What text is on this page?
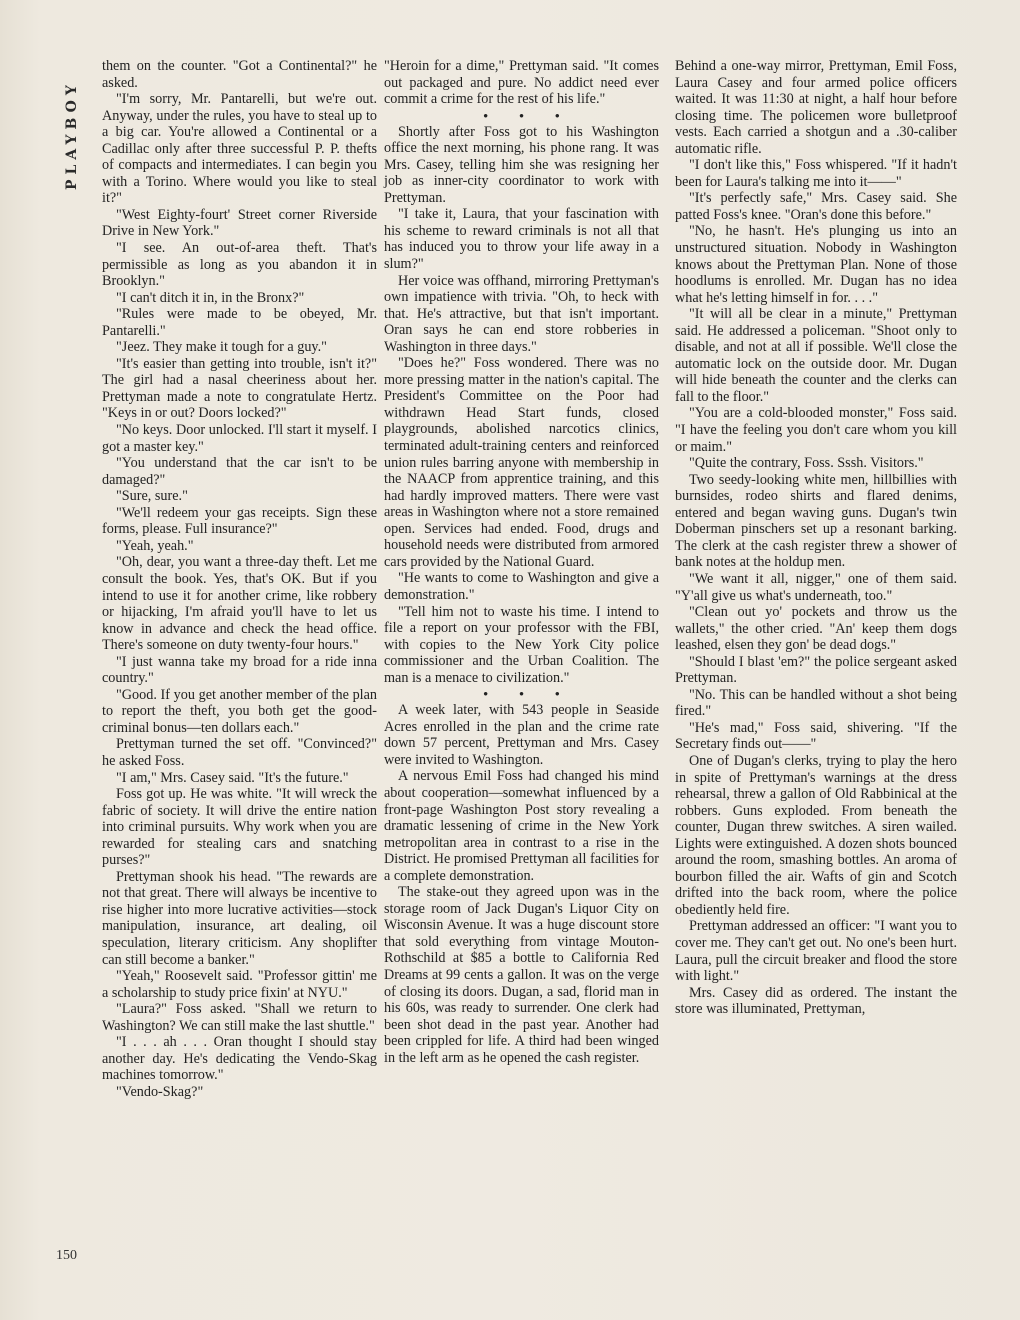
PLAYBOY

them on the counter. "Got a Continental?" he asked.

"I'm sorry, Mr. Pantarelli, but we're out. Anyway, under the rules, you have to steal up to a big car. You're allowed a Continental or a Cadillac only after three successful P. P. thefts of compacts and intermediates. I can begin you with a Torino. Where would you like to steal it?"

"West Eighty-fourt' Street corner Riverside Drive in New York."

"I see. An out-of-area theft. That's permissible as long as you abandon it in Brooklyn."

"I can't ditch it in, in the Bronx?"

"Rules were made to be obeyed, Mr. Pantarelli."

"Jeez. They make it tough for a guy."

"It's easier than getting into trouble, isn't it?" The girl had a nasal cheeriness about her. Prettyman made a note to congratulate Hertz. "Keys in or out? Doors locked?"

"No keys. Door unlocked. I'll start it myself. I got a master key."

"You understand that the car isn't to be damaged?"

"Sure, sure."

"We'll redeem your gas receipts. Sign these forms, please. Full insurance?"

"Yeah, yeah."

"Oh, dear, you want a three-day theft. Let me consult the book. Yes, that's OK. But if you intend to use it for another crime, like robbery or hijacking, I'm afraid you'll have to let us know in advance and check the head office. There's someone on duty twenty-four hours."

"I just wanna take my broad for a ride inna country."

"Good. If you get another member of the plan to report the theft, you both get the good-criminal bonus—ten dollars each."

Prettyman turned the set off. "Convinced?" he asked Foss.

"I am," Mrs. Casey said. "It's the future."

Foss got up. He was white. "It will wreck the fabric of society. It will drive the entire nation into criminal pursuits. Why work when you are rewarded for stealing cars and snatching purses?"

Prettyman shook his head. "The rewards are not that great. There will always be incentive to rise higher into more lucrative activities—stock manipulation, insurance, art dealing, oil speculation, literary criticism. Any shoplifter can still become a banker."

"Yeah," Roosevelt said. "Professor gittin' me a scholarship to study price fixin' at NYU."

"Laura?" Foss asked. "Shall we return to Washington? We can still make the last shuttle."

"I . . . ah . . . Oran thought I should stay another day. He's dedicating the Vendo-Skag machines tomorrow."

"Vendo-Skag?"

"Heroin for a dime," Prettyman said. "It comes out packaged and pure. No addict need ever commit a crime for the rest of his life."

• • •

Shortly after Foss got to his Washington office the next morning, his phone rang. It was Mrs. Casey, telling him she was resigning her job as inner-city coordinator to work with Prettyman.

"I take it, Laura, that your fascination with his scheme to reward criminals is not all that has induced you to throw your life away in a slum?"

Her voice was offhand, mirroring Prettyman's own impatience with trivia. "Oh, to heck with that. He's attractive, but that isn't important. Oran says he can end store robberies in Washington in three days."

"Does he?" Foss wondered. There was no more pressing matter in the nation's capital. The President's Committee on the Poor had withdrawn Head Start funds, closed playgrounds, abolished narcotics clinics, terminated adult-training centers and reinforced union rules barring anyone with membership in the NAACP from apprentice training, and this had hardly improved matters. There were vast areas in Washington where not a store remained open. Services had ended. Food, drugs and household needs were distributed from armored cars provided by the National Guard.

"He wants to come to Washington and give a demonstration."

"Tell him not to waste his time. I intend to file a report on your professor with the FBI, with copies to the New York City police commissioner and the Urban Coalition. The man is a menace to civilization."

• • •

A week later, with 543 people in Seaside Acres enrolled in the plan and the crime rate down 57 percent, Prettyman and Mrs. Casey were invited to Washington.

A nervous Emil Foss had changed his mind about cooperation—somewhat influenced by a front-page Washington Post story revealing a dramatic lessening of crime in the New York metropolitan area in contrast to a rise in the District. He promised Prettyman all facilities for a complete demonstration.

The stake-out they agreed upon was in the storage room of Jack Dugan's Liquor City on Wisconsin Avenue. It was a huge discount store that sold everything from vintage Mouton-Rothschild at $85 a bottle to California Red Dreams at 99 cents a gallon. It was on the verge of closing its doors. Dugan, a sad, florid man in his 60s, was ready to surrender. One clerk had been shot dead in the past year. Another had been crippled for life. A third had been winged in the left arm as he opened the cash register.

Behind a one-way mirror, Prettyman, Emil Foss, Laura Casey and four armed police officers waited. It was 11:30 at night, a half hour before closing time. The policemen wore bulletproof vests. Each carried a shotgun and a .30-caliber automatic rifle.

"I don't like this," Foss whispered. "If it hadn't been for Laura's talking me into it——"

"It's perfectly safe," Mrs. Casey said. She patted Foss's knee. "Oran's done this before."

"No, he hasn't. He's plunging us into an unstructured situation. Nobody in Washington knows about the Prettyman Plan. None of those hoodlums is enrolled. Mr. Dugan has no idea what he's letting himself in for. . . ."

"It will all be clear in a minute," Prettyman said. He addressed a policeman. "Shoot only to disable, and not at all if possible. We'll close the automatic lock on the outside door. Mr. Dugan will hide beneath the counter and the clerks can fall to the floor."

"You are a cold-blooded monster," Foss said. "I have the feeling you don't care whom you kill or maim."

"Quite the contrary, Foss. Sssh. Visitors."

Two seedy-looking white men, hillbillies with burnsides, rodeo shirts and flared denims, entered and began waving guns. Dugan's twin Doberman pinschers set up a resonant barking. The clerk at the cash register threw a shower of bank notes at the holdup men.

"We want it all, nigger," one of them said. "Y'all give us what's underneath, too."

"Clean out yo' pockets and throw us the wallets," the other cried. "An' keep them dogs leashed, elsen they gon' be dead dogs."

"Should I blast 'em?" the police sergeant asked Prettyman.

"No. This can be handled without a shot being fired."

"He's mad," Foss said, shivering. "If the Secretary finds out——"

One of Dugan's clerks, trying to play the hero in spite of Prettyman's warnings at the dress rehearsal, threw a gallon of Old Rabbinical at the robbers. Guns exploded. From beneath the counter, Dugan threw switches. A siren wailed. Lights were extinguished. A dozen shots bounced around the room, smashing bottles. An aroma of bourbon filled the air. Wafts of gin and Scotch drifted into the back room, where the police obediently held fire.

Prettyman addressed an officer: "I want you to cover me. They can't get out. No one's been hurt. Laura, pull the circuit breaker and flood the store with light."

Mrs. Casey did as ordered. The instant the store was illuminated, Prettyman,

150
